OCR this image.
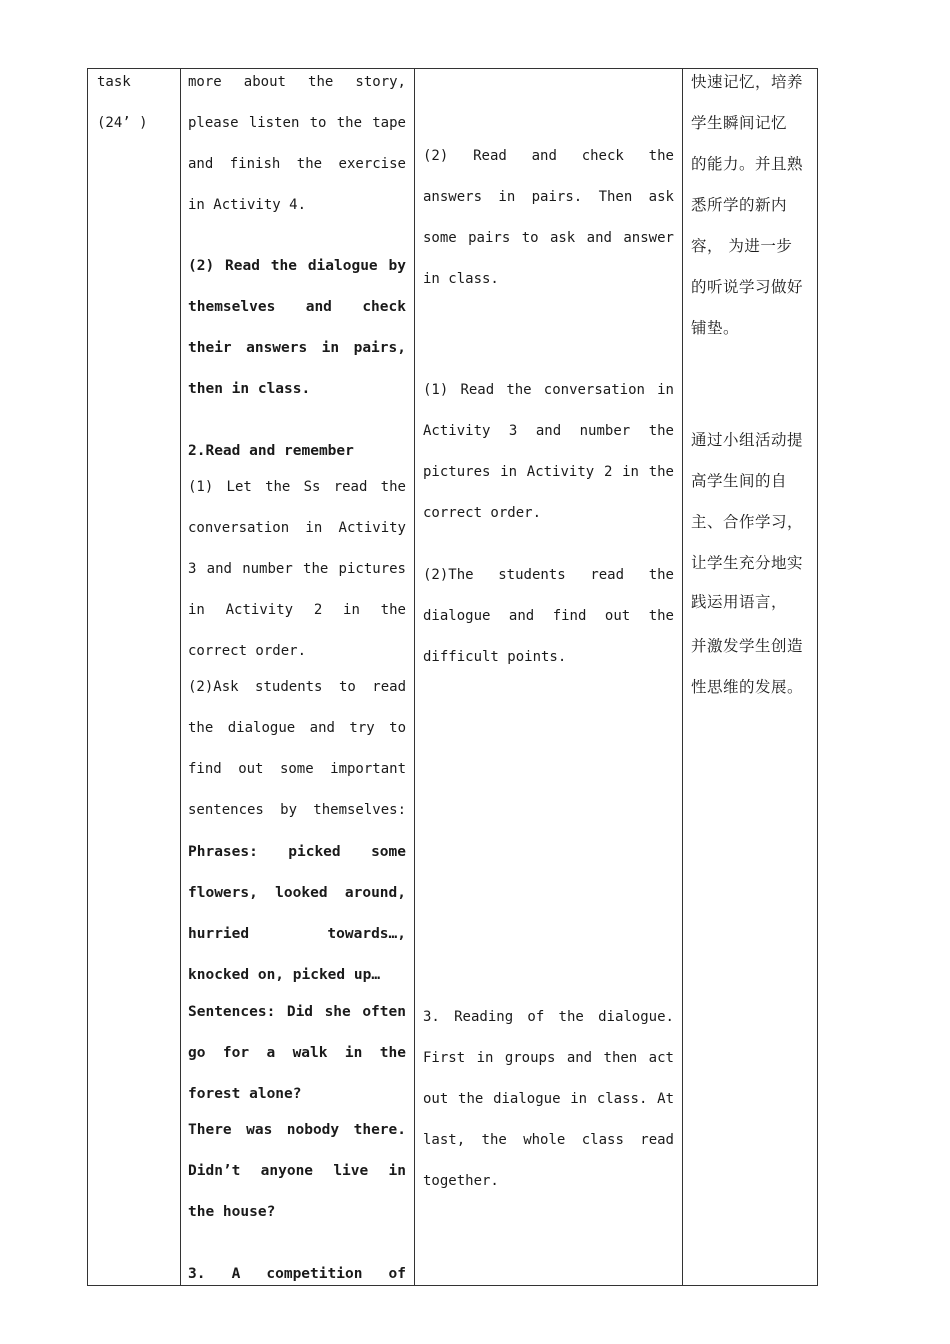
task
(24’ )
more about the story,
please listen to the tape
and finish the exercise
in Activity 4.
(2) Read the dialogue by
themselves and check
their answers in pairs,
then in class.
2.Read and remember
(1) Let the Ss read the
conversation in Activity
3 and number the pictures
in Activity 2 in the
correct order.
(2)Ask students to read
the dialogue and try to
find out some important
sentences by themselves:
Phrases: picked some
flowers, looked around,
hurried	towards…,
knocked on, picked up…
Sentences: Did she often
go for a walk in the
forest alone?
There was nobody there.
Didn’t anyone live in
the house?
3. A competition of
(2) Read and check the
answers in pairs. Then ask
some pairs to ask and answer
in class.
(1) Read the conversation in
Activity 3 and number the
pictures in Activity 2 in the
correct order.
(2)The students read the
dialogue and find out the
difficult points.
3. Reading of the dialogue.
First in groups and then act
out the dialogue in class. At
last, the whole class read
together.
快速记忆，培养
学生瞬间记忆
的能力。并且熟
悉所学的新内
容， 为进一步
的听说学习做好
铺垫。
通过小组活动提
高学生间的自
主、合作学习，
让学生充分地实
践运用语言，
并激发学生创造
性思维的发展。
